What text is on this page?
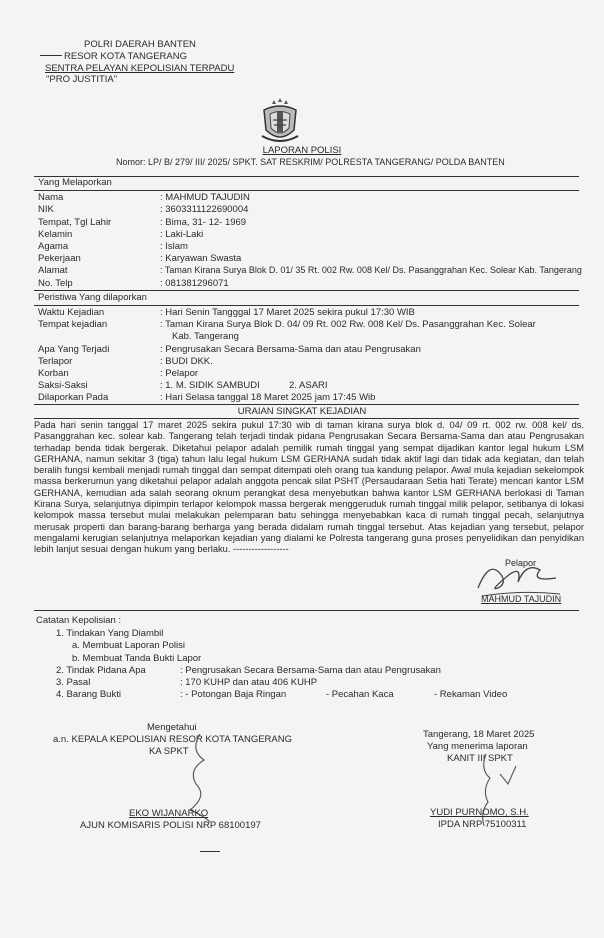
POLRI DAERAH BANTEN
RESOR KOTA TANGERANG
SENTRA PELAYAN KEPOLISIAN TERPADU
"PRO JUSTITIA"
LAPORAN POLISI
Nomor: LP/ B/ 279/ III/ 2025/ SPKT. SAT RESKRIM/ POLRESTA TANGERANG/ POLDA BANTEN
Yang Melaporkan
Nama	: MAHMUD TAJUDIN
NIK	: 3603311122690004
Tempat, Tgl Lahir	: Bima, 31- 12- 1969
Kelamin	: Laki-Laki
Agama	: Islam
Pekerjaan	: Karyawan Swasta
Alamat	: Taman Kirana Surya Blok D. 01/ 35 Rt. 002 Rw. 008 Kel/ Ds. Pasanggrahan Kec. Solear Kab. Tangerang
No. Telp	: 081381296071
Peristiwa Yang dilaporkan
Waktu Kejadian	: Hari Senin Tangggal 17 Maret 2025 sekira pukul 17:30 WIB
Tempat kejadian	: Taman Kirana Surya Blok D. 04/ 09 Rt. 002 Rw. 008 Kel/ Ds. Pasanggrahan Kec. Solear
Kab. Tangerang
Apa Yang Terjadi	: Pengrusakan Secara Bersama-Sama dan atau Pengrusakan
Terlapor	: BUDI DKK.
Korban	: Pelapor
Saksi-Saksi	: 1. M. SIDIK SAMBUDI	2. ASARI
Dilaporkan Pada	: Hari Selasa tanggal 18 Maret 2025 jam 17:45 Wib
URAIAN SINGKAT KEJADIAN
Pada hari senin tanggal 17 maret 2025 sekira pukul 17:30 wib di taman kirana surya blok d. 04/ 09 rt. 002 rw. 008 kel/ ds. Pasanggrahan kec. solear kab. Tangerang telah terjadi tindak pidana Pengrusakan Secara Bersama-Sama dan atau Pengrusakan terhadap benda tidak bergerak. Diketahui pelapor adalah pemilik rumah tinggal yang sempat dijadikan kantor legal hukum LSM GERHANA, namun sekitar 3 (tiga) tahun lalu legal hukum LSM GERHANA sudah tidak aktif lagi dan tidak ada kegiatan, dan telah beralih fungsi kembali menjadi rumah tinggal dan sempat ditempati oleh orang tua kandung pelapor. Awal mula kejadian sekelompok massa berkerumun yang diketahui pelapor adalah anggota pencak silat PSHT (Persaudaraan Setia hati Terate) mencari kantor LSM GERHANA, kemudian ada salah seorang oknum perangkat desa menyebutkan bahwa kantor LSM GERHANA berlokasi di Taman Kirana Surya, selanjutnya dipimpin terlapor kelompok massa bergerak menggeruduk rumah tinggal milik pelapor, setibanya di lokasi kelompok massa tersebut mulai melakukan pelemparan batu sehingga menyebabkan kaca di rumah tinggal pecah, selanjutnya merusak properti dan barang-barang berharga yang berada didalam rumah tinggal tersebut. Atas kejadian yang tersebut, pelapor mengalami kerugian selanjutnya melaporkan kejadian yang dialami ke Polresta tangerang guna proses penyelidikan dan penyidikan lebih lanjut sesuai dengan hukum yang berlaku. ------------------
Pelapor
MAHMUD TAJUDIN
Catatan Kepolisian :
1. Tindakan Yang Diambil
a. Membuat Laporan Polisi
b. Membuat Tanda Bukti Lapor
2. Tindak Pidana Apa	: Pengrusakan Secara Bersama-Sama dan atau Pengrusakan
3. Pasal	: 170 KUHP dan atau 406 KUHP
4. Barang Bukti	: - Potongan Baja Ringan	- Pecahan Kaca	- Rekaman Video
Mengetahui
a.n. KEPALA KEPOLISIAN RESOR KOTA TANGERANG
KA SPKT
EKO WIJANARKO
AJUN KOMISARIS POLISI NRP 68100197
Tangerang, 18 Maret 2025
Yang menerima laporan
KANIT III SPKT
YUDI PURNOMO, S.H.
IPDA NRP 75100311
